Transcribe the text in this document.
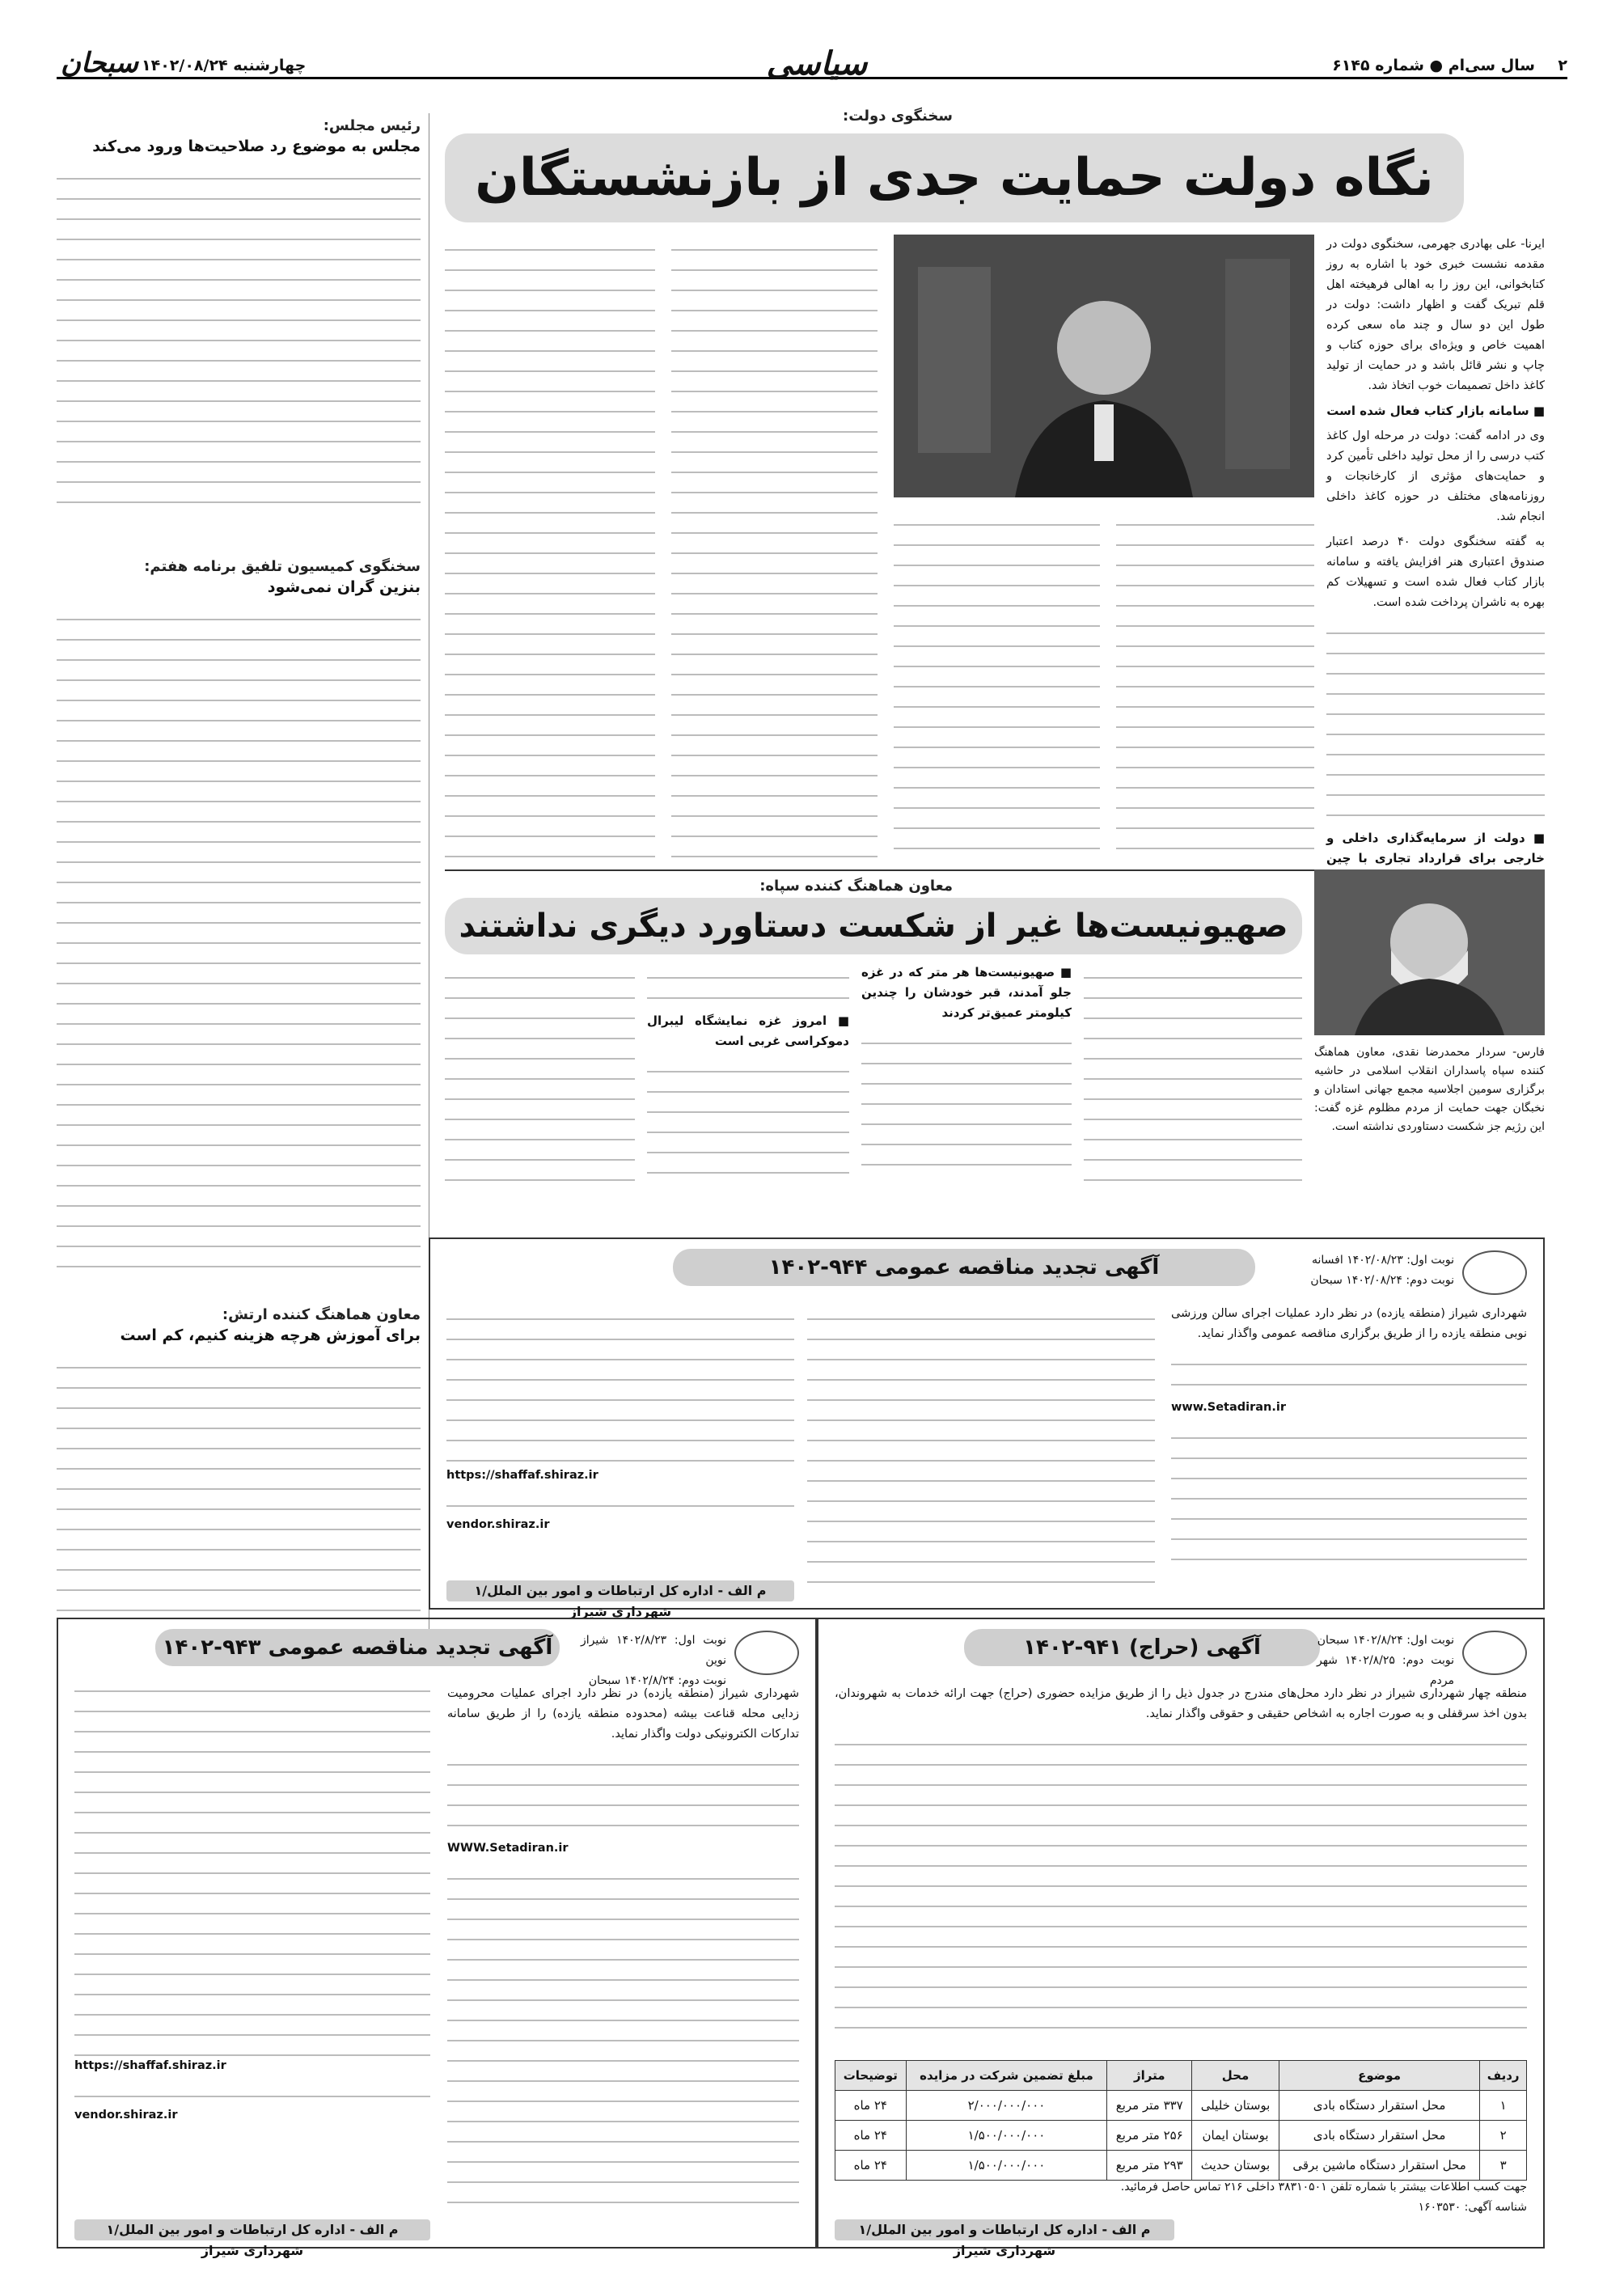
۲
سال سی‌ام ● شماره ۶۱۴۵
سیاسی
چهارشنبه ۱۴۰۲/۰۸/۲۴
سبحان
سخنگوی دولت:
نگاه دولت حمایت جدی از بازنشستگان

ایرنا- علی بهادری جهرمی، سخنگوی دولت در مقدمه نشست خبری خود با اشاره به روز کتابخوانی، این روز را به اهالی فرهیخته اهل قلم تبریک گفت و اظهار داشت: دولت در طول این دو سال و چند ماه سعی کرده اهمیت خاص و ویژه‌ای برای حوزه کتاب و چاپ و نشر قائل باشد و در حمایت از تولید کاغذ داخل تصمیمات خوب اتخاذ شد.

■ سامانه بازار کتاب فعال شده است

وی در ادامه گفت: دولت در مرحله اول کاغذ کتب درسی را از محل تولید داخلی تأمین کرد و حمایت‌های مؤثری از کارخانجات و روزنامه‌های مختلف در حوزه کاغذ داخلی انجام شد.

به گفته سخنگوی دولت ۴۰ درصد اعتبار صندوق اعتباری هنر افزایش یافته و سامانه بازار کتاب فعال شده است و تسهیلات کم بهره به ناشران پرداخت شده است.

■ دولت از سرمایه‌گذاری داخلی و خارجی برای قرارداد تجاری با چین

معاون هماهنگ کننده سپاه:
صهیونیست‌ها غیر از شکست دستاورد دیگری نداشتند
فارس- سردار محمدرضا نقدی، معاون هماهنگ کننده سپاه پاسداران انقلاب اسلامی در حاشیه برگزاری سومین اجلاسیه مجمع جهانی استادان و نخبگان جهت حمایت از مردم مظلوم غزه گفت: این رژیم جز شکست دستاوردی نداشته است.

■ صهیونیست‌ها هر متر که در غزه جلو آمدند، قبر خودشان را چندین کیلومتر عمیق‌تر کردند

■ امروز غزه نمایشگاه لیبرال دموکراسی غربی است

رئیس مجلس:
مجلس به موضوع رد صلاحیت‌ها ورود می‌کند
سخنگوی کمیسیون تلفیق برنامه هفتم:
بنزین گران نمی‌شود
معاون هماهنگ کننده ارتش:
برای آموزش هرچه هزینه کنیم، کم است
آگهی تجدید مناقصه عمومی ۹۴۴-۱۴۰۲	نوبت اول: ۱۴۰۲/۰۸/۲۳ افسانه
نوبت دوم: ۱۴۰۲/۰۸/۲۴ سبحان

شهرداری شیراز (منطقه یازده) در نظر دارد عملیات اجرای سالن ورزشی نوبی منطقه یازده را از طریق برگزاری مناقصه عمومی واگذار نماید.

www.Setadiran.ir

https://shaffaf.shiraz.ir

vendor.shiraz.ir

۱/م الف - اداره کل ارتباطات و امور بین الملل شهرداری شیراز
آگهی تجدید مناقصه عمومی ۹۴۳-۱۴۰۲	نوبت اول: ۱۴۰۲/۸/۲۳ شیراز نوین
نوبت دوم: ۱۴۰۲/۸/۲۴ سبحان

شهرداری شیراز (منطقه یازده) در نظر دارد اجرای عملیات محرومیت زدایی محله قناعت بیشه (محدوده منطقه یازده) را از طریق سامانه تدارکات الکترونیکی دولت واگذار نماید.

WWW.Setadiran.ir

https://shaffaf.shiraz.ir

vendor.shiraz.ir

۱/م الف - اداره کل ارتباطات و امور بین الملل شهرداری شیراز
آگهی (حراج) ۹۴۱-۱۴۰۲	نوبت اول: ۱۴۰۲/۸/۲۴ سبحان
نوبت دوم: ۱۴۰۲/۸/۲۵ شهر مردم

منطقه چهار شهرداری شیراز در نظر دارد محل‌های مندرج در جدول ذیل را از طریق مزایده حضوری (حراج) جهت ارائه خدمات به شهروندان، بدون اخذ سرقفلی و به صورت اجاره به اشخاص حقیقی و حقوقی واگذار نماید.

ردیف	موضوع	محل	متراژ	مبلغ تضمین شرکت در مزایده	توضیحات
۱	محل استقرار دستگاه بادی	بوستان خلیلی	۳۳۷ متر مربع	۲/۰۰۰/۰۰۰/۰۰۰	۲۴ ماه
۲	محل استقرار دستگاه بادی	بوستان ایمان	۲۵۶ متر مربع	۱/۵۰۰/۰۰۰/۰۰۰	۲۴ ماه
۳	محل استقرار دستگاه ماشین برقی	بوستان حدیث	۲۹۳ متر مربع	۱/۵۰۰/۰۰۰/۰۰۰	۲۴ ماه
جهت کسب اطلاعات بیشتر با شماره تلفن ۳۸۳۱۰۵۰۱ داخلی ۲۱۶ تماس حاصل فرمائید.
شناسه آگهی: ۱۶۰۳۵۳۰
۱/م الف - اداره کل ارتباطات و امور بین الملل شهرداری شیراز
